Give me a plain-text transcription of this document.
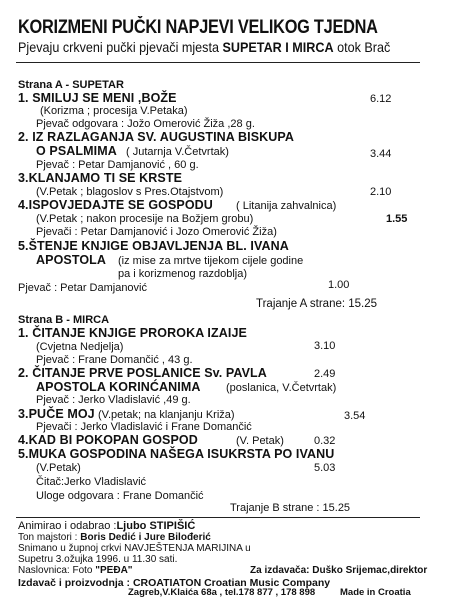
KORIZMENI PUČKI NAPJEVI VELIKOG TJEDNA
Pjevaju crkveni pučki pjevači mjesta SUPETAR I MIRCA otok Brač
Strana A - SUPETAR
1. SMILUJ SE MENI ,BOŽE	6.12
(Korizma ; procesija V.Petaka)
Pjevač odgovara : Jožo Omerović Žiža ,28 g.
2. IZ RAZLAGANJA SV. AUGUSTINA BISKUPA
O PSALMIMA ( Jutarnja V.Četvrtak)	3.44
Pjevač : Petar Damjanović , 60 g.
3.KLANJAMO TI SE KRSTE
(V.Petak ; blagoslov s Pres.Otajstvom)	2.10
4.ISPOVJEDAJTE SE GOSPODU ( Litanija zahvalnica)
(V.Petak ; nakon procesije na Božjem grobu)	1.55
Pjevači : Petar Damjanović i Jozo Omerović Žiža)
5.ŠTENJE KNJIGE OBJAVLJENJA BL. IVANA
APOSTOLA (iz mise za mrtve tijekom cijele godine
pa i korizmenog razdoblja)
1.00
Pjevač : Petar Damjanović
Trajanje A strane: 15.25
Strana B - MIRCA
1. ČITANJE KNJIGE PROROKA IZAIJE
(Cvjetna Nedjelja)	3.10
Pjevač : Frane Domančić , 43 g.
2. ČITANJE PRVE POSLANICE Sv. PAVLA	2.49
APOSTOLA KORINĆANIMA (poslanica, V.Četvrtak)
Pjevač : Jerko Vladislavić ,49 g.
3.PUČE MOJ (V.petak; na klanjanju Križa)	3.54
Pjevači : Jerko Vladislavić i Frane Domančić
4.KAD BI POKOPAN GOSPOD	(V. Petak)	0.32
5.MUKA GOSPODINA NAŠEGA ISUKRSTA PO IVANU
(V.Petak)	5.03
Čitač:Jerko Vladislavić
Uloge odgovara : Frane Domančić
Trajanje B strane : 15.25
Animirao i odabrao :Ljubo STIPIŠIĆ
Ton majstori : Boris Dedić i Jure Bilođerić
Snimano u župnoj crkvi NAVJEŠTENJA MARIJINA u
Supetru 3.ožujka 1996. u 11.30 sati.
Naslovnica: Foto "PEĐA"
Izdavač i proizvodnja : CROATIATON Croatian Music Company
Zagreb,V.Klaića 68a , tel.178 877 , 178 898
Za izdavača: Duško Srijemac,direktor
Made in Croatia
